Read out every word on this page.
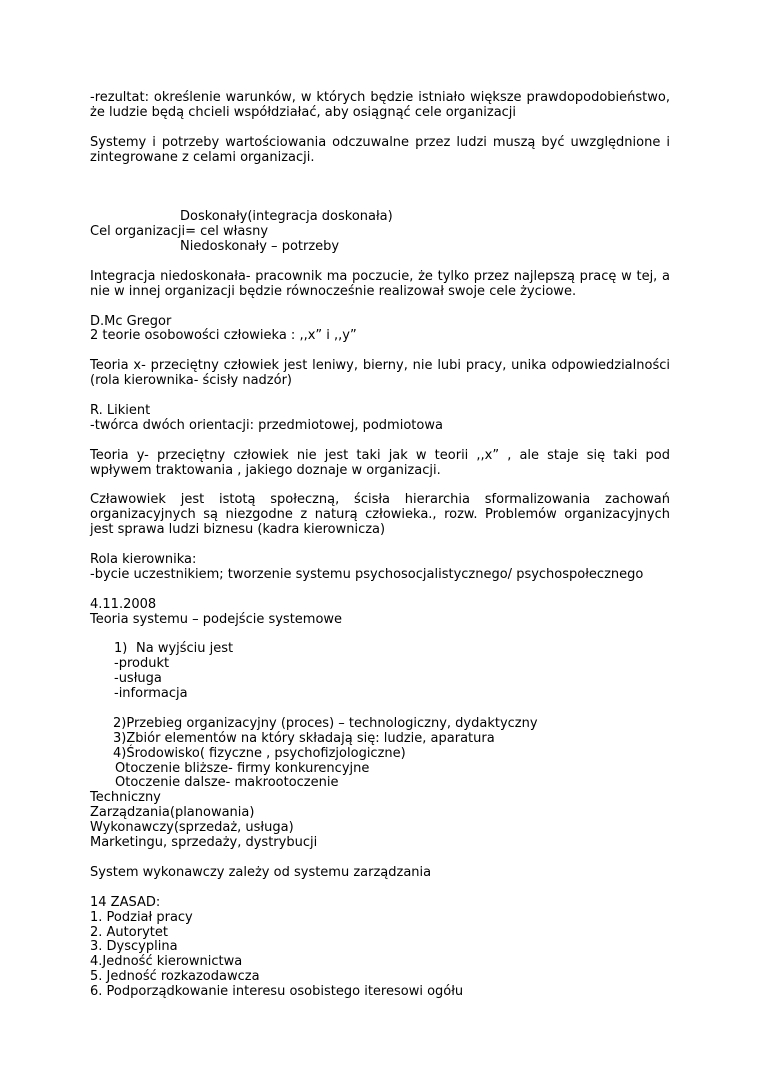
-rezultat: określenie warunków, w których będzie istniało większe prawdopodobieństwo, że ludzie będą chcieli współdziałać, aby osiągnąć cele organizacji
Systemy i potrzeby wartościowania odczuwalne przez ludzi muszą być uwzględnione i zintegrowane z celami organizacji.
Doskonały(integracja doskonała)
Cel organizacji= cel własny
Niedoskonały – potrzeby
Integracja niedoskonała- pracownik ma poczucie, że tylko przez najlepszą pracę w tej, a nie w innej organizacji będzie równocześnie realizował swoje cele życiowe.
D.Mc Gregor
2 teorie osobowości człowieka : ,,x” i ,,y”
Teoria x- przeciętny człowiek jest leniwy, bierny, nie lubi pracy, unika odpowiedzialności (rola kierownika- ścisły nadzór)
R. Likient
-twórca dwóch orientacji: przedmiotowej, podmiotowa
Teoria y- przeciętny człowiek nie jest taki jak w teorii ,,x” , ale staje się taki pod wpływem traktowania , jakiego doznaje w organizacji.
Czławowiek jest istotą społeczną, ścisła hierarchia sformalizowania zachowań organizacyjnych są niezgodne z naturą człowieka., rozw. Problemów organizacyjnych jest sprawa ludzi biznesu (kadra kierownicza)
Rola kierownika:
-bycie uczestnikiem; tworzenie systemu psychosocjalistycznego/ psychospołecznego
4.11.2008
Teoria systemu – podejście systemowe
1) Na wyjściu jest
-produkt
-usługa
-informacja
2)Przebieg organizacyjny (proces) – technologiczny, dydaktyczny
3)Zbiór elementów na który składają się: ludzie, aparatura
4)Środowisko( fizyczne , psychofizjologiczne)
Otoczenie bliższe- firmy konkurencyjne
Otoczenie dalsze- makrootoczenie
Techniczny
Zarządzania(planowania)
Wykonawczy(sprzedaż, usługa)
Marketingu, sprzedaży, dystrybucji
System wykonawczy zależy od systemu zarządzania
14 ZASAD:
1. Podział pracy
2. Autorytet
3. Dyscyplina
4.Jedność kierownictwa
5. Jedność rozkazodawcza
6. Podporządkowanie interesu osobistego iteresowi ogółu
